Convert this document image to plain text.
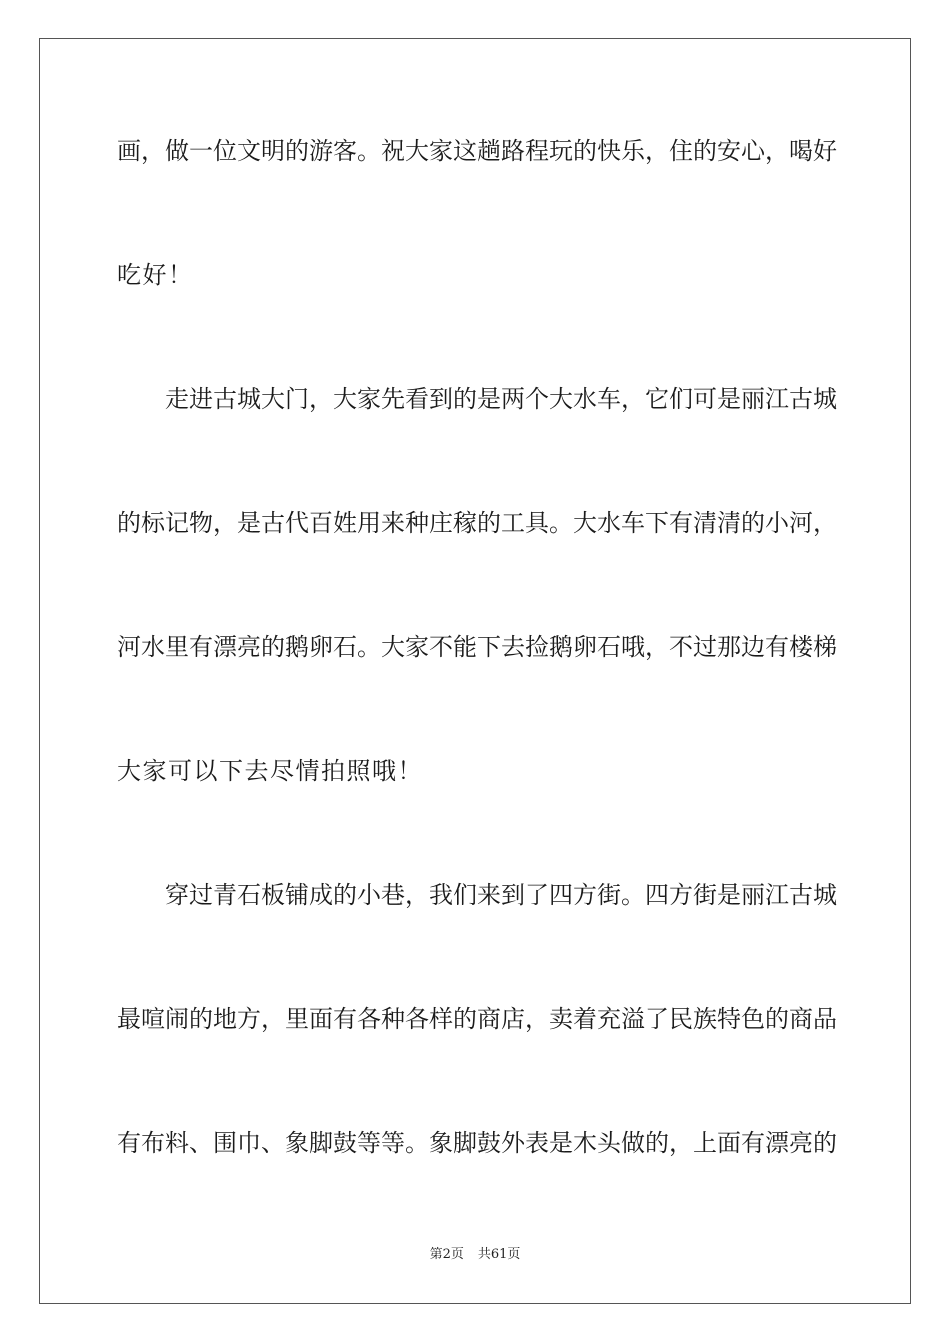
画，做一位文明的游客。祝大家这趟路程玩的快乐，住的安心，喝好
吃好！
走进古城大门，大家先看到的是两个大水车，它们可是丽江古城
的标记物，是古代百姓用来种庄稼的工具。大水车下有清清的小河，
河水里有漂亮的鹅卵石。大家不能下去捡鹅卵石哦，不过那边有楼梯
大家可以下去尽情拍照哦！
穿过青石板铺成的小巷，我们来到了四方街。四方街是丽江古城
最喧闹的地方，里面有各种各样的商店，卖着充溢了民族特色的商品
有布料、围巾、象脚鼓等等。象脚鼓外表是木头做的，上面有漂亮的
第2页 共61页
